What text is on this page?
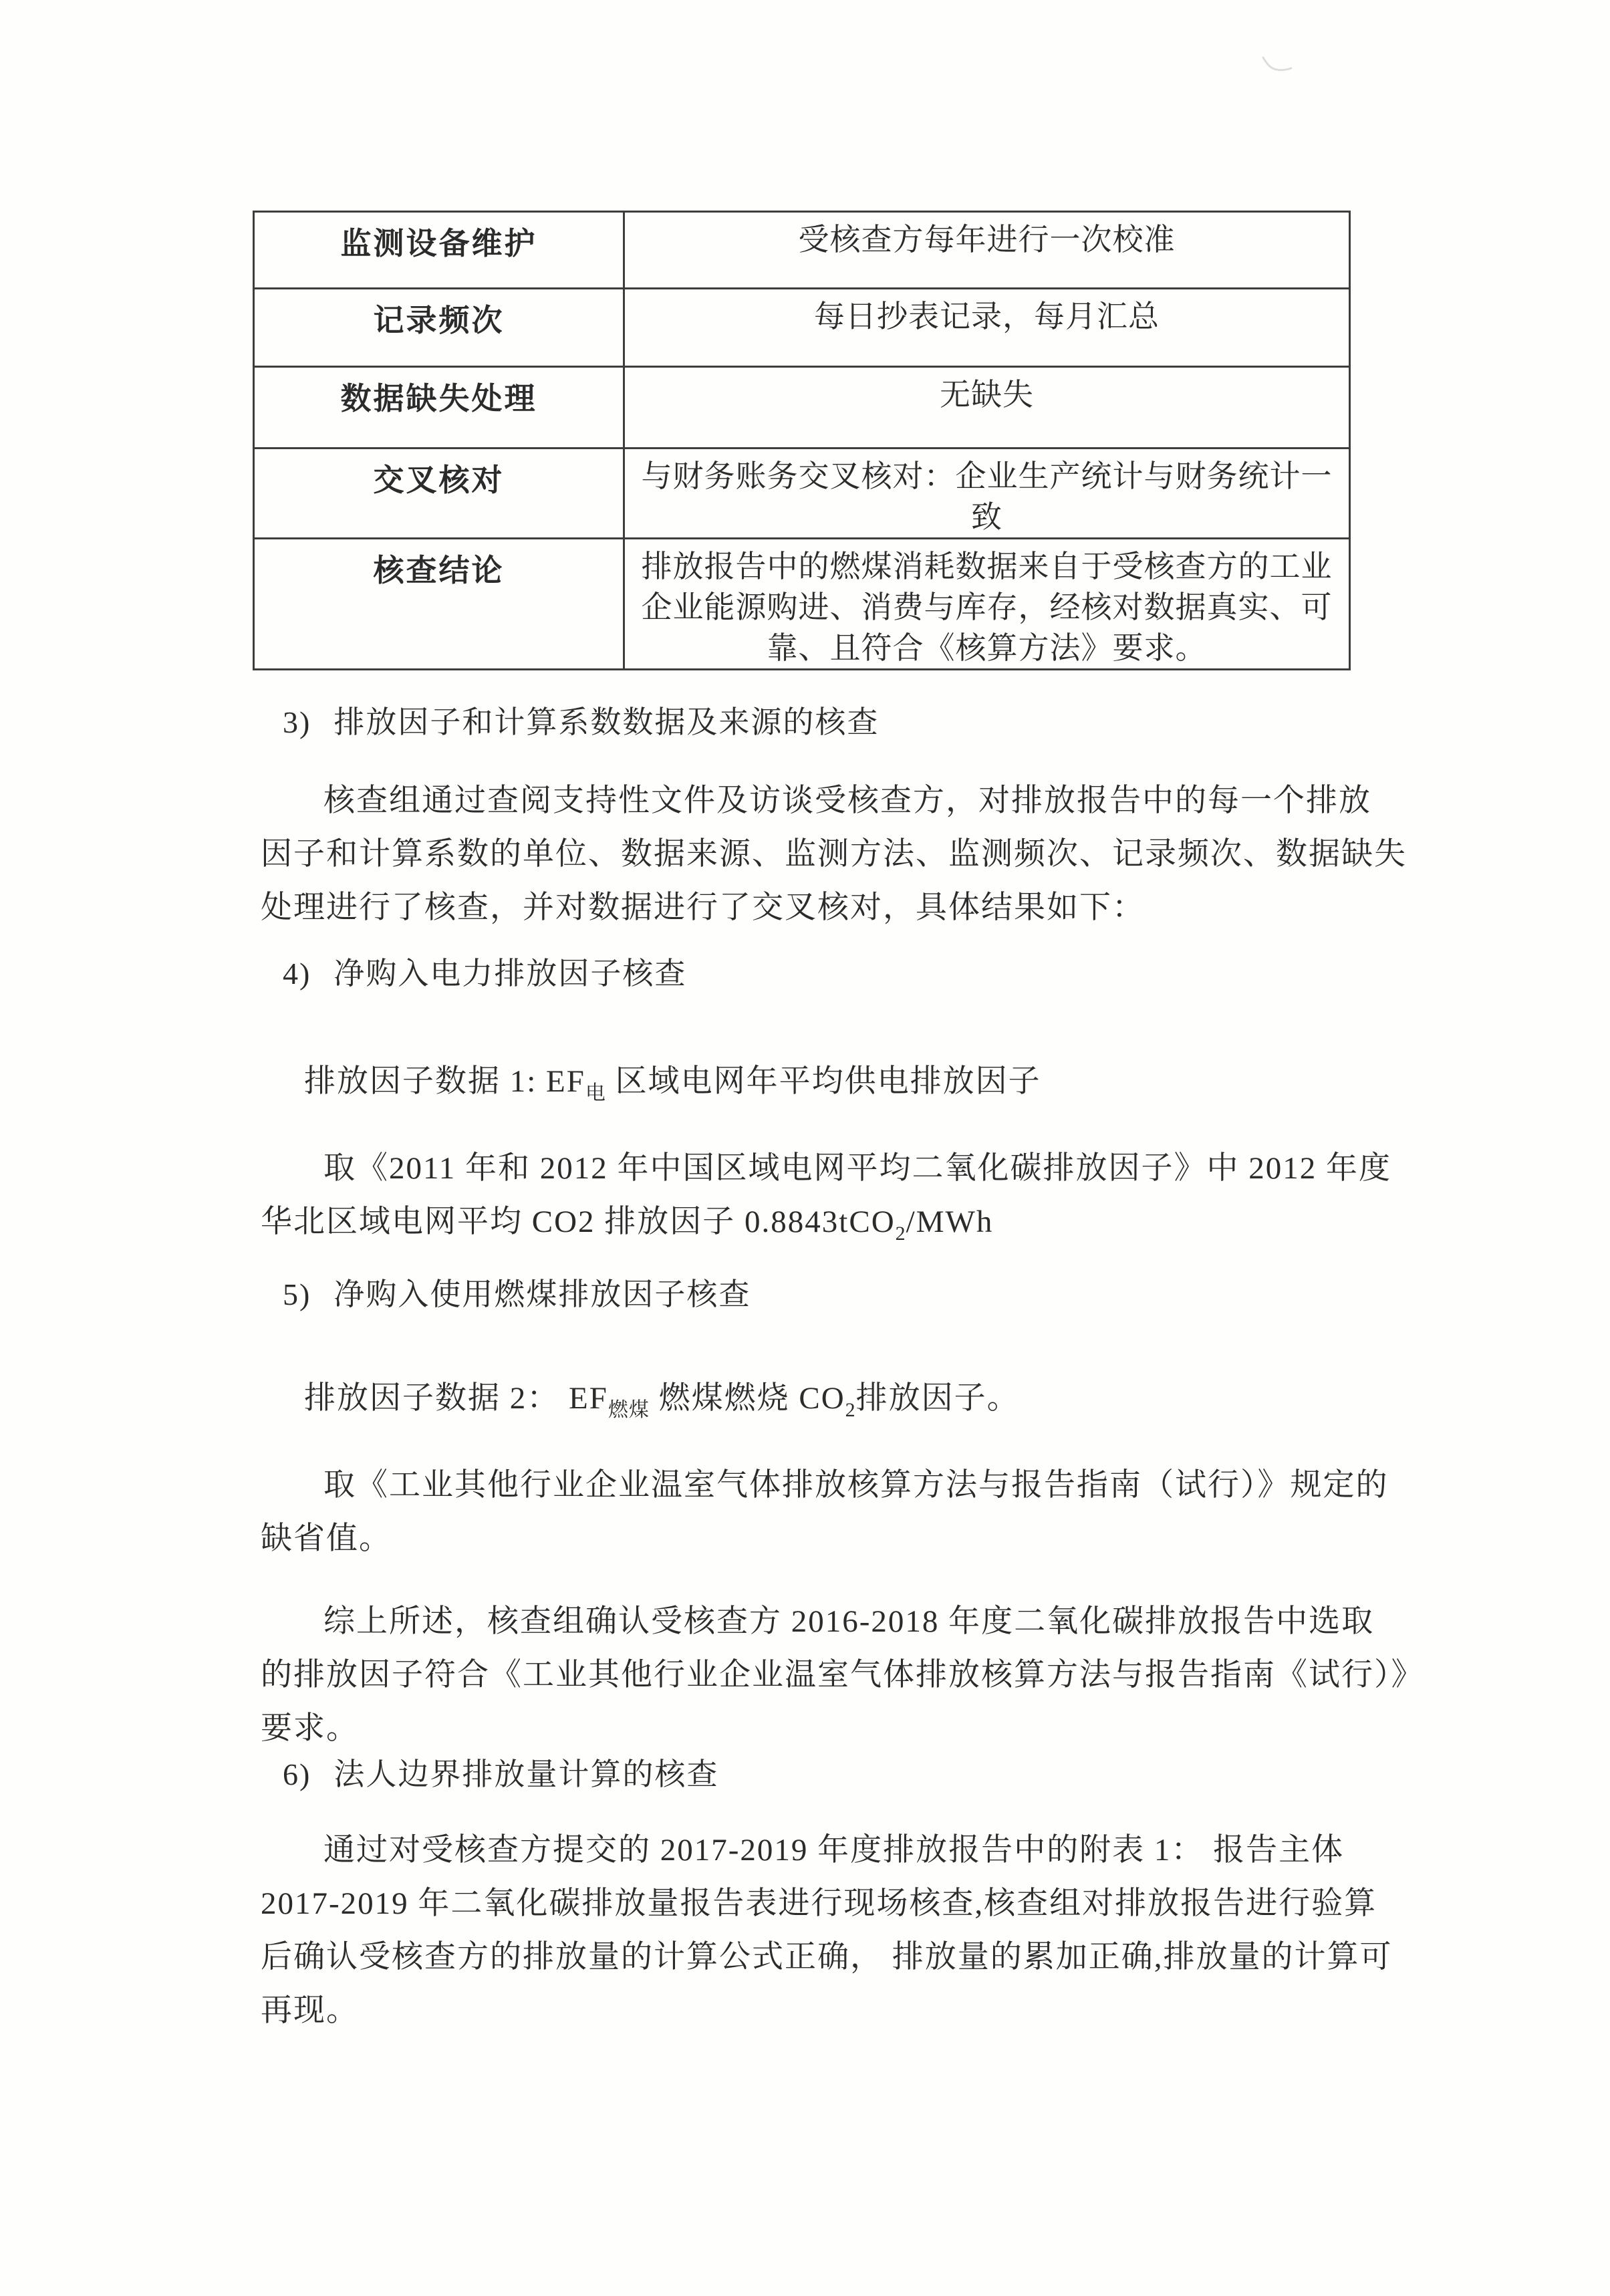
监测设备维护	受核查方每年进行一次校准
记录频次	每日抄表记录，每月汇总
数据缺失处理	无缺失
交叉核对	与财务账务交叉核对：企业生产统计与财务统计一
致
核查结论	排放报告中的燃煤消耗数据来自于受核查方的工业
企业能源购进、消费与库存，经核对数据真实、可
靠、且符合《核算方法》要求。
3) 排放因子和计算系数数据及来源的核查
核查组通过查阅支持性文件及访谈受核查方，对排放报告中的每一个排放
因子和计算系数的单位、数据来源、监测方法、监测频次、记录频次、数据缺失
处理进行了核查，并对数据进行了交叉核对，具体结果如下：
4) 净购入电力排放因子核查
排放因子数据 1: $EF_电$ 区域电网年平均供电排放因子
取《2011 年和 2012 年中国区域电网平均二氧化碳排放因子》中 2012 年度
华北区域电网平均 CO2 排放因子 0.8843tCO$_2$/MWh
5) 净购入使用燃煤排放因子核查
排放因子数据 2： $EF_{燃煤}$ 燃煤燃烧 $CO_2$排放因子。
取《工业其他行业企业温室气体排放核算方法与报告指南（试行）》规定的
缺省值。
综上所述，核查组确认受核查方 2016-2018 年度二氧化碳排放报告中选取
的排放因子符合《工业其他行业企业温室气体排放核算方法与报告指南《试行）》
要求。
6) 法人边界排放量计算的核查
通过对受核查方提交的 2017-2019 年度排放报告中的附表 1： 报告主体
2017-2019 年二氧化碳排放量报告表进行现场核查,核查组对排放报告进行验算
后确认受核查方的排放量的计算公式正确， 排放量的累加正确,排放量的计算可
再现。
